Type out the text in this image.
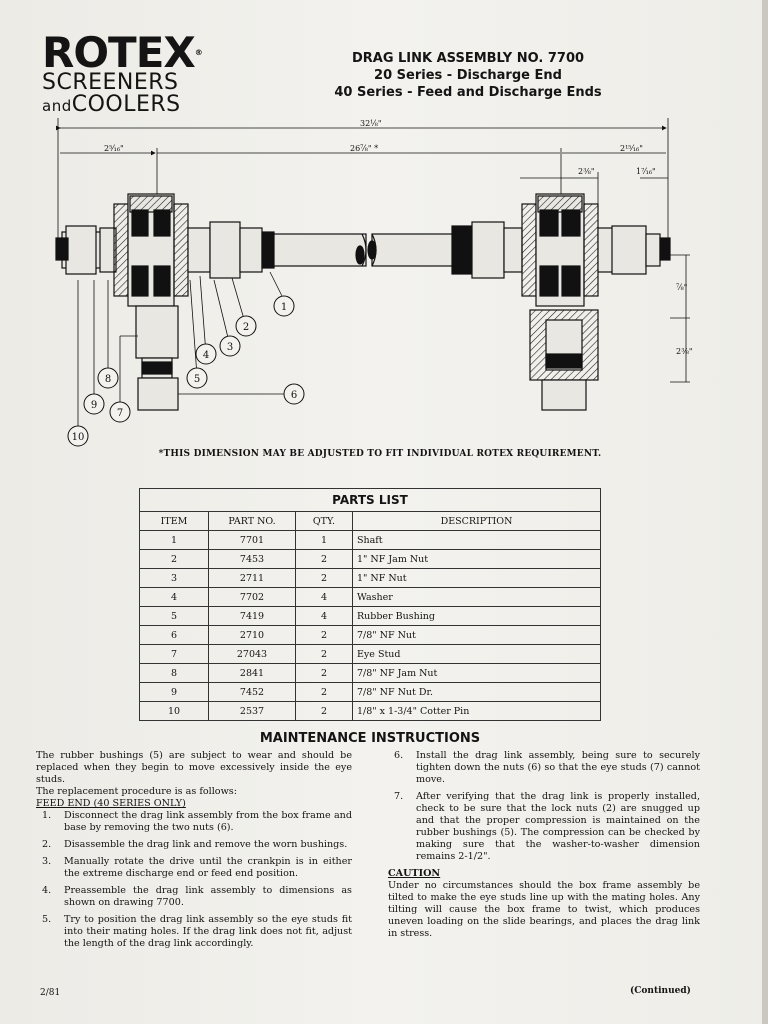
ROTEX®
SCREENERS
andCOOLERS
DRAG LINK ASSEMBLY NO. 7700
20 Series - Discharge End
40 Series - Feed and Discharge Ends
32⅛"
2⁵⁄₁₆"	26⅞" *	2¹⁵⁄₁₆"
2⅜"	1⁷⁄₁₆"
⅞"
2⅜"
1
2
3
4
5
6
7
8
9
10
*THIS DIMENSION MAY BE ADJUSTED TO FIT INDIVIDUAL ROTEX REQUIREMENT.
PARTS LIST
ITEM	PART NO.	QTY.	DESCRIPTION
1	7701	1	Shaft
2	7453	2	1" NF Jam Nut
3	2711	2	1" NF Nut
4	7702	4	Washer
5	7419	4	Rubber Bushing
6	2710	2	7/8" NF Nut
7	27043	2	Eye Stud
8	2841	2	7/8" NF Jam Nut
9	7452	2	7/8" NF Nut Dr.
10	2537	2	1/8" x 1-3/4" Cotter Pin
MAINTENANCE INSTRUCTIONS

The rubber bushings (5) are subject to wear and should be replaced when they begin to move excessively inside the eye studs.

The replacement procedure is as follows:

FEED END (40 SERIES ONLY)

1. Disconnect the drag link assembly from the box frame and base by removing the two nuts (6).
2. Disassemble the drag link and remove the worn bushings.
3. Manually rotate the drive until the crankpin is in either the extreme discharge end or feed end position.
4. Preassemble the drag link assembly to dimensions as shown on drawing 7700.
5. Try to position the drag link assembly so the eye studs fit into their mating holes. If the drag link does not fit, adjust the length of the drag link accordingly.
6. Install the drag link assembly, being sure to securely tighten down the nuts (6) so that the eye studs (7) cannot move.
7. After verifying that the drag link is properly installed, check to be sure that the lock nuts (2) are snugged up and that the proper compression is maintained on the rubber bushings (5). The compression can be checked by making sure that the washer-to-washer dimension remains 2-1/2".

CAUTION

Under no circumstances should the box frame assembly be tilted to make the eye studs line up with the mating holes. Any tilting will cause the box frame to twist, which produces uneven loading on the slide bearings, and places the drag link in stress.

2/81	(Continued)
